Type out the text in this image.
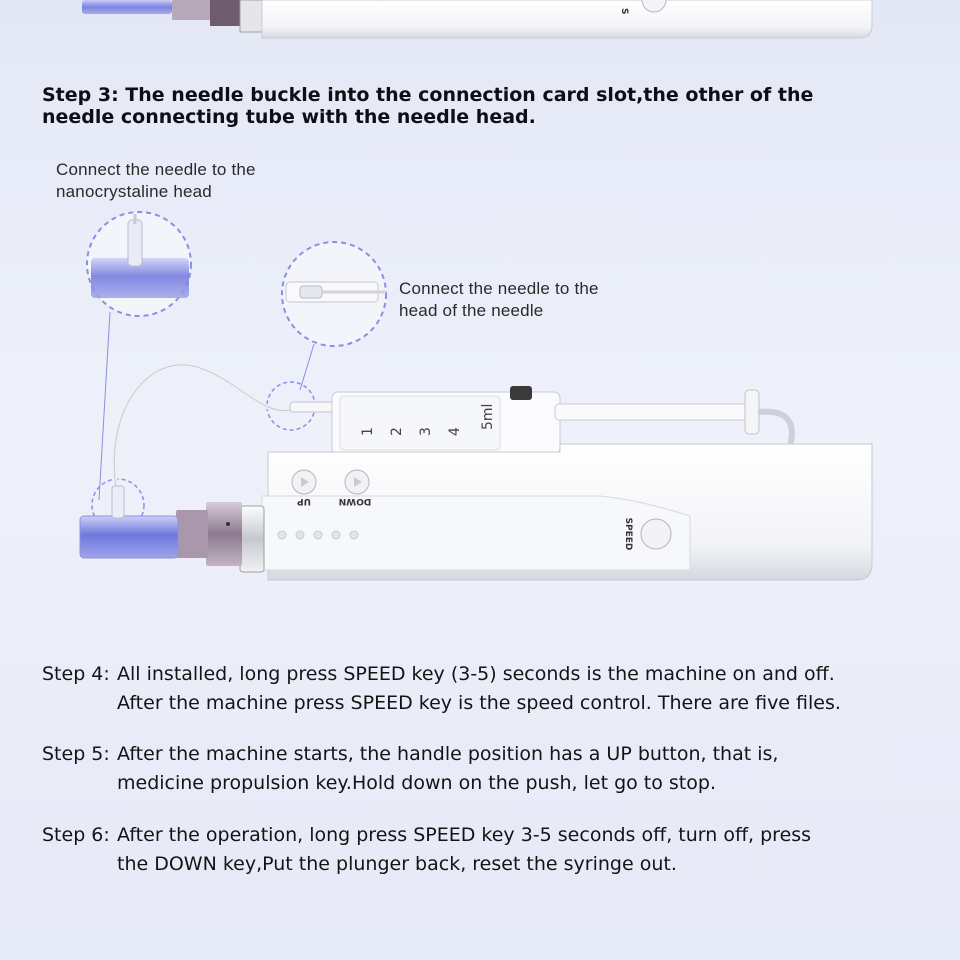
S
Step 3: The needle buckle into the connection card slot,the other of the
needle connecting tube with the needle head.
Connect the needle to the
nanocrystaline head
Connect the needle to the
head of the needle
5ml
1 2 3 4
UP	DOWN
SPEED
Step 4: All installed, long press SPEED key (3-5) seconds is the machine on and off.
After the machine press SPEED key is the speed control. There are five files.
Step 5: After the machine starts, the handle position has a UP button, that is,
medicine propulsion key.Hold down on the push, let go to stop.
Step 6: After the operation, long press SPEED key 3-5 seconds off, turn off, press
the DOWN key,Put the plunger back, reset the syringe out.
